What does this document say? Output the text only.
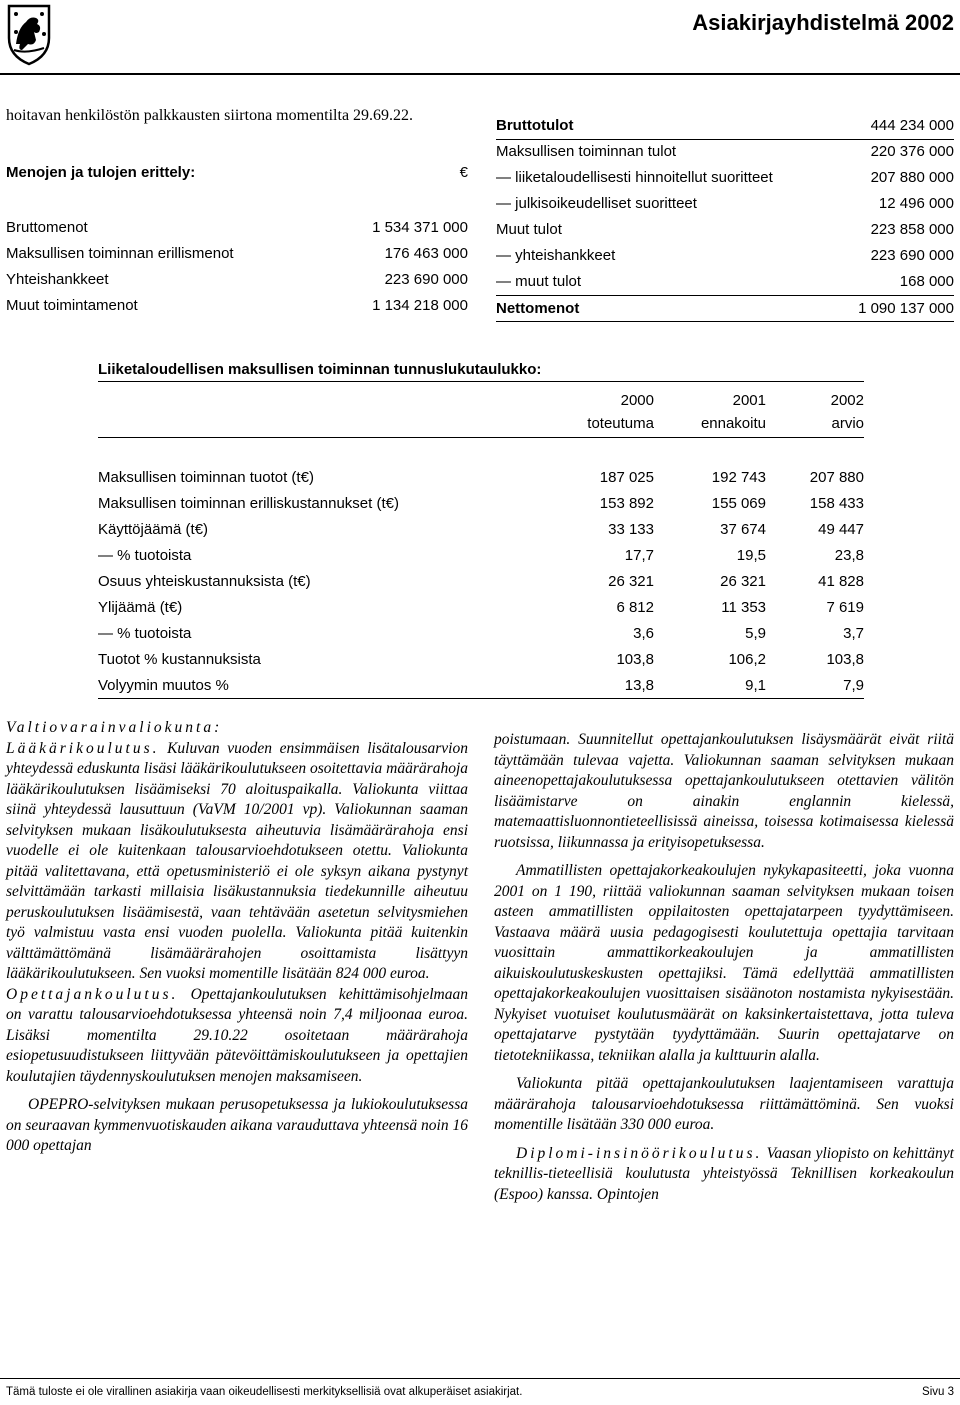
Asiakirjayhdistelmä 2002
hoitavan henkilöstön palkkausten siirtona momentilta 29.69.22.
Menojen ja tulojen erittely:	€
Bruttomenot	1 534 371 000
Maksullisen toiminnan erillismenot	176 463 000
Yhteishankkeet	223 690 000
Muut toimintamenot	1 134 218 000
Bruttotulot	444 234 000
Maksullisen toiminnan tulot	220 376 000
— liiketaloudellisesti hinnoitellut suoritteet	207 880 000
— julkisoikeudelliset suoritteet	12 496 000
Muut tulot	223 858 000
— yhteishankkeet	223 690 000
— muut tulot	168 000
Nettomenot	1 090 137 000
Liiketaloudellisen maksullisen toiminnan tunnuslukutaulukko:
2000	2001	2002
toteutuma	ennakoitu	arvio
Maksullisen toiminnan tuotot (t€)	187 025	192 743	207 880
Maksullisen toiminnan erilliskustannukset (t€)	153 892	155 069	158 433
Käyttöjäämä (t€)	33 133	37 674	49 447
— % tuotoista	17,7	19,5	23,8
Osuus yhteiskustannuksista (t€)	26 321	26 321	41 828
Ylijäämä (t€)	6 812	11 353	7 619
— % tuotoista	3,6	5,9	3,7
Tuotot % kustannuksista	103,8	106,2	103,8
Volyymin muutos %	13,8	9,1	7,9

Valtiovarainvaliokunta:

Lääkärikoulutus. Kuluvan vuoden ensimmäisen lisätalousarvion yhteydessä eduskunta lisäsi lääkärikoulutukseen osoitettavia määrärahoja lääkärikoulutuksen lisäämiseksi 70 aloituspaikalla. Valiokunta viittaa siinä yhteydessä lausuttuun (VaVM 10/2001 vp). Valiokunnan saaman selvityksen mukaan lisäkoulutuksesta aiheutuvia lisämäärärahoja ensi vuodelle ei ole kuitenkaan talousarvioehdotukseen otettu. Valiokunta pitää valitettavana, että opetusministeriö ei ole syksyn aikana pystynyt selvittämään tarkasti millaisia lisäkustannuksia tiedekunnille aiheutuu peruskoulutuksen lisäämisestä, vaan tehtävään asetetun selvitysmiehen työ valmistuu vasta ensi vuoden puolella. Valiokunta pitää kuitenkin välttämättömänä lisämäärärahojen osoittamista lisättyyn lääkärikoulutukseen. Sen vuoksi momentille lisätään 824 000 euroa.

Opettajankoulutus. Opettajankoulutuksen kehittämisohjelmaan on varattu talousarvioehdotuksessa yhteensä noin 7,4 miljoonaa euroa. Lisäksi momentilta 29.10.22 osoitetaan määrärahoja esiopetusuudistukseen liittyvään pätevöittämiskoulutukseen ja opettajien koulutajien täydennyskoulutuksen menojen maksamiseen.

OPEPRO-selvityksen mukaan perusopetuksessa ja lukiokoulutuksessa on seuraavan kymmenvuotiskauden aikana varauduttava yhteensä noin 16 000 opettajan

poistumaan. Suunnitellut opettajankoulutuksen lisäysmäärät eivät riitä täyttämään tulevaa vajetta. Valiokunnan saaman selvityksen mukaan aineenopettajakoulutuksessa opettajankoulutukseen otettavien välitön lisäämistarve on ainakin englannin kielessä, matemaattisluonnontieteellisissä aineissa, toisessa kotimaisessa kielessä ruotsissa, liikunnassa ja erityisopetuksessa.

Ammatillisten opettajakorkeakoulujen nykykapasiteetti, joka vuonna 2001 on 1 190, riittää valiokunnan saaman selvityksen mukaan toisen asteen ammatillisten oppilaitosten opettajatarpeen tyydyttämiseen. Vastaava määrä uusia pedagogisesti koulutettuja opettajia tarvitaan vuosittain ammattikorkeakoulujen ja ammatillisten aikuiskoulutuskeskusten opettajiksi. Tämä edellyttää ammatillisten opettajakorkeakoulujen vuosittaisen sisäänoton nostamista nykyisestään. Nykyiset vuotuiset koulutusmäärät on kaksinkertaistettava, jotta tuleva opettajatarve pystytään tyydyttämään. Suurin opettajatarve on tietotekniikassa, tekniikan alalla ja kulttuurin alalla.

Valiokunta pitää opettajankoulutuksen laajentamiseen varattuja määrärahoja talousarvioehdotuksessa riittämättöminä. Sen vuoksi momentille lisätään 330 000 euroa.

Diplomi-insinöörikoulutus. Vaasan yliopisto on kehittänyt teknillis-tieteellisiä koulutusta yhteistyössä Teknillisen korkeakoulun (Espoo) kanssa. Opintojen

Tämä tuloste ei ole virallinen asiakirja vaan oikeudellisesti merkityksellisiä ovat alkuperäiset asiakirjat.	Sivu 3
